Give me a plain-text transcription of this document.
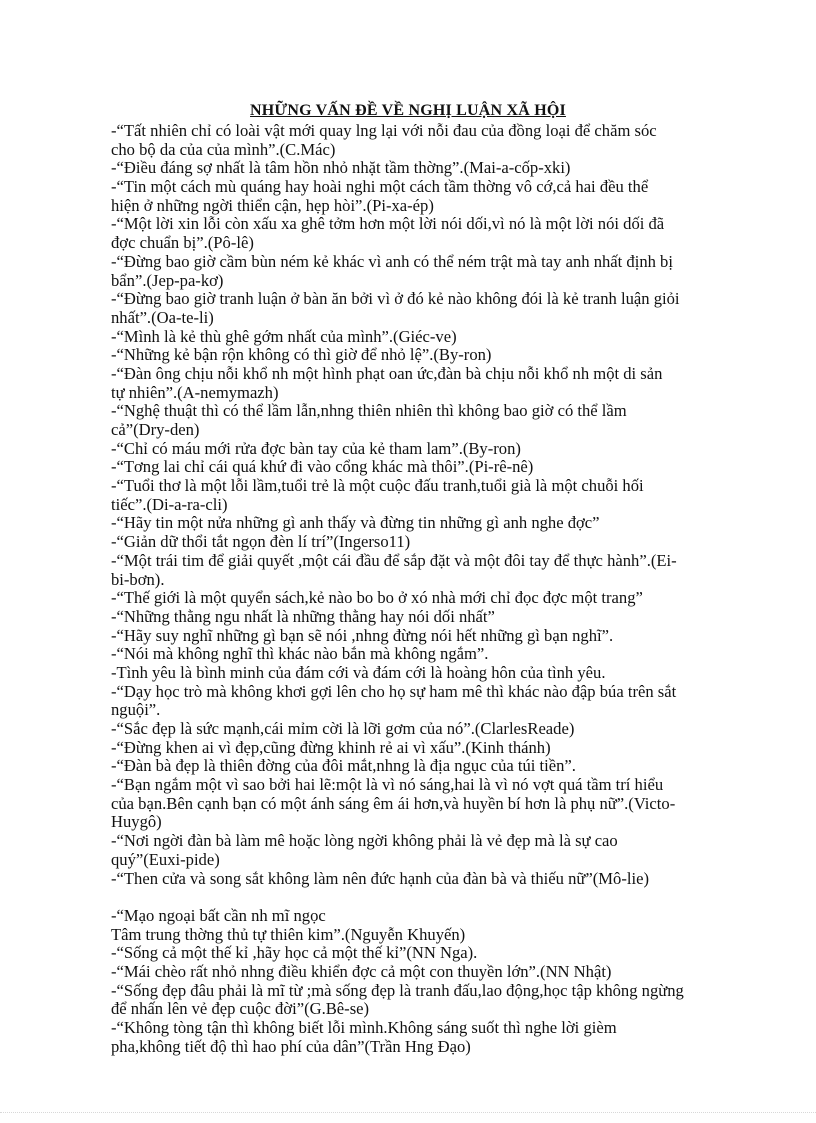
NHỮNG VẤN ĐỀ VỀ NGHỊ LUẬN XÃ HỘI
-“Tất nhiên chỉ có loài vật mới quay lng lại với nỗi đau của đồng loại để chăm sóc
cho bộ da của của mình”.(C.Mác)
-“Điều đáng sợ nhất là tâm hồn nhỏ nhặt tầm thờng”.(Mai-a-cốp-xki)
-“Tin một cách mù quáng hay hoài nghi một cách tầm thờng vô cớ,cả hai đều thể
hiện ở những ngời thiển cận, hẹp hòi”.(Pi-xa-ép)
-“Một lời xin lỗi còn xấu xa ghê tởm hơn một lời nói dối,vì nó là một lời nói dối đã
đợc chuẩn bị”.(Pô-lê)
-“Đừng bao giờ cầm bùn ném kẻ khác vì anh có thể ném trật mà tay anh nhất định bị
bẩn”.(Jep-pa-kơ)
-“Đừng bao giờ tranh luận ở bàn ăn bởi vì ở đó kẻ nào không đói là kẻ tranh luận giỏi
nhất”.(Oa-te-li)
-“Mình là kẻ thù ghê gớm nhất của mình”.(Giéc-ve)
-“Những kẻ bận rộn không có thì giờ để nhỏ lệ”.(By-ron)
-“Đàn ông chịu nỗi khổ nh một hình phạt oan ức,đàn bà chịu nỗi khổ nh một di sản
tự nhiên”.(A-nemymazh)
-“Nghệ thuật thì có thể lầm lẫn,nhng thiên nhiên thì không bao giờ có thể lầm
cả”(Dry-den)
-“Chỉ có máu mới rửa đợc bàn tay của kẻ tham lam”.(By-ron)
-“Tơng lai chỉ cái quá khứ đi vào cổng khác mà thôi”.(Pi-rê-nê)
-“Tuổi thơ là một lỗi lầm,tuổi trẻ là một cuộc đấu tranh,tuổi già là một chuỗi hối
tiếc”.(Di-a-ra-cli)
-“Hãy tin một nửa những gì anh thấy và đừng tin những gì anh nghe đợc”
-“Giản dữ thổi tắt ngọn đèn lí trí”(Ingerso11)
-“Một trái tim để giải quyết ,một cái đầu để sắp đặt và một đôi tay để thực hành”.(Ei-
bi-bơn).
-“Thế giới là một quyển sách,kẻ nào bo bo ở xó nhà mới chỉ đọc đợc một trang”
-“Những thằng ngu nhất là những thằng hay nói dối nhất”
-“Hãy suy nghĩ những gì bạn sẽ nói ,nhng đừng nói hết những gì bạn nghĩ”.
-“Nói mà không nghĩ thì khác nào bắn mà không ngắm”.
-Tình yêu là bình minh của đám cới và đám cới là hoàng hôn của tình yêu.
-“Dạy học trò mà không khơi gợi lên cho họ sự ham mê thì khác nào đập búa trên sắt
nguội”.
-“Sắc đẹp là sức mạnh,cái mỉm cời là lỡi gơm của nó”.(ClarlesReade)
-“Đừng khen ai vì đẹp,cũng đừng khinh rẻ ai vì xấu”.(Kinh thánh)
-“Đàn bà đẹp là thiên đờng của đôi mắt,nhng là địa ngục của túi tiền”.
-“Bạn ngắm một vì sao bởi hai lẽ:một là vì nó sáng,hai là vì nó vợt quá tầm trí hiểu
của bạn.Bên cạnh bạn có một ánh sáng êm ái hơn,và huyền bí hơn là phụ nữ”.(Victo-
Huygô)
-“Nơi ngời đàn bà làm mê hoặc lòng ngời không phải là vẻ đẹp mà là sự cao
quý”(Euxi-pide)
-“Then cửa và song sắt không làm nên đức hạnh của đàn bà và thiếu nữ”(Mô-lie)
-“Mạo ngoại bất cần nh mĩ ngọc
Tâm trung thờng thủ tự thiên kim”.(Nguyễn Khuyến)
-“Sống cả một thế kỉ ,hãy học cả một thế kỉ”(NN Nga).
-“Mái chèo rất nhỏ nhng điều khiển đợc cả một con thuyền lớn”.(NN Nhật)
-“Sống đẹp đâu phải là mĩ từ ;mà sống đẹp là tranh đấu,lao động,học tập không ngừng
để nhấn lên vẻ đẹp cuộc đời”(G.Bê-se)
-“Không tòng tận thì không biết lỗi mình.Không sáng suốt thì nghe lời gièm
pha,không tiết độ thì hao phí của dân”(Trần Hng Đạo)
